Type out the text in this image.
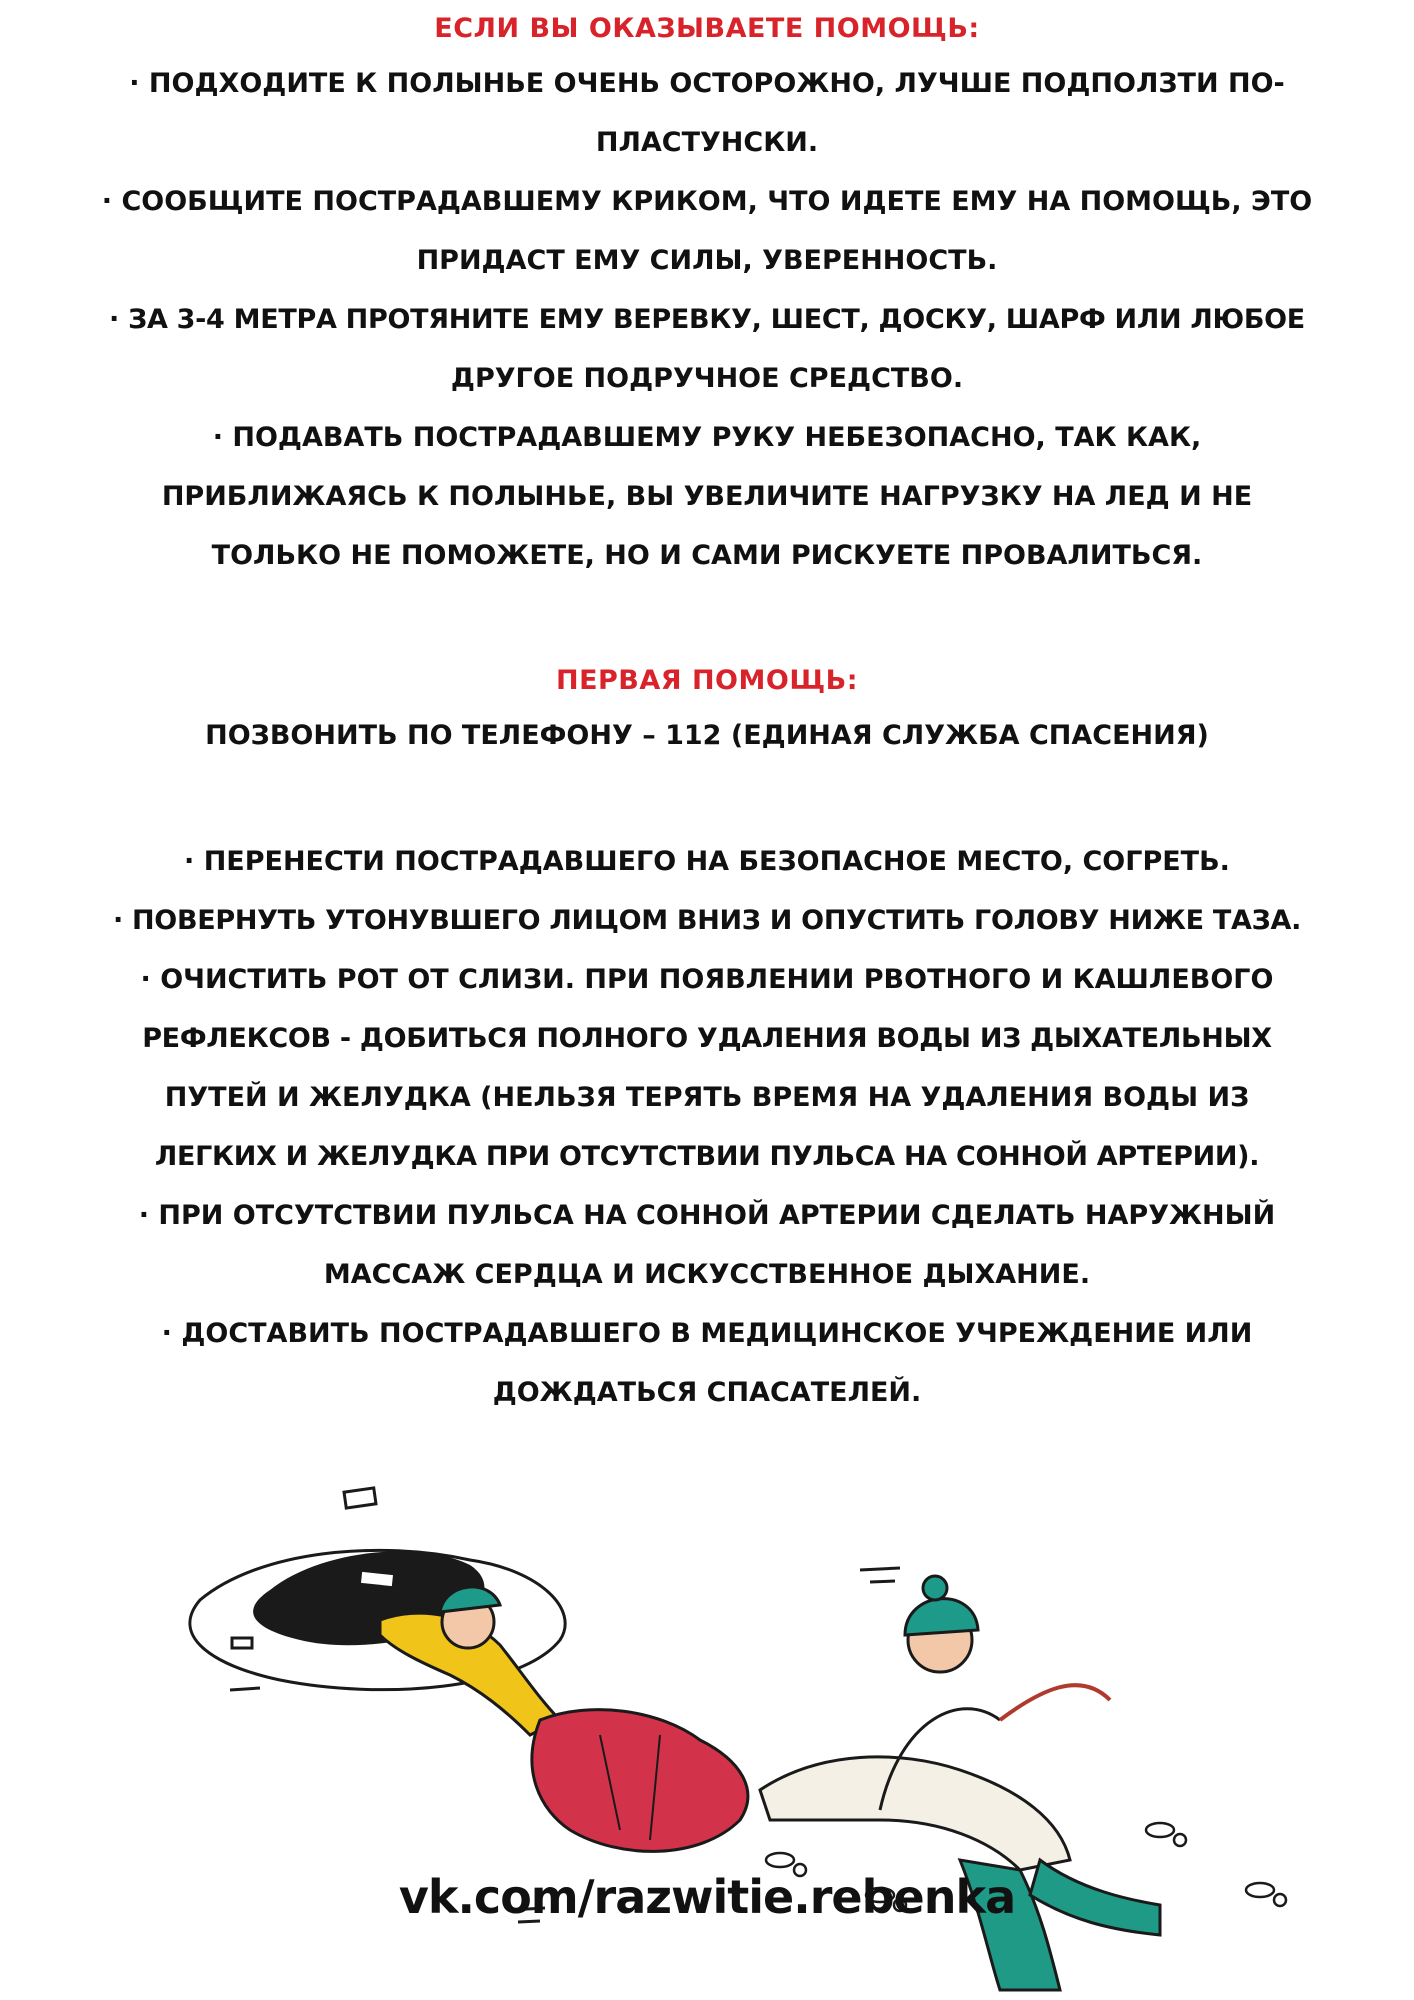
ЕСЛИ ВЫ ОКАЗЫВАЕТЕ ПОМОЩЬ:
· ПОДХОДИТЕ К ПОЛЫНЬЕ ОЧЕНЬ ОСТОРОЖНО, ЛУЧШЕ ПОДПОЛЗТИ ПО-
ПЛАСТУНСКИ.
· СООБЩИТЕ ПОСТРАДАВШЕМУ КРИКОМ, ЧТО ИДЕТЕ ЕМУ НА ПОМОЩЬ, ЭТО
ПРИДАСТ ЕМУ СИЛЫ, УВЕРЕННОСТЬ.
· ЗА 3-4 МЕТРА ПРОТЯНИТЕ ЕМУ ВЕРЕВКУ, ШЕСТ, ДОСКУ, ШАРФ ИЛИ ЛЮБОЕ
ДРУГОЕ ПОДРУЧНОЕ СРЕДСТВО.
· ПОДАВАТЬ ПОСТРАДАВШЕМУ РУКУ НЕБЕЗОПАСНО, ТАК КАК,
ПРИБЛИЖАЯСЬ К ПОЛЫНЬЕ, ВЫ УВЕЛИЧИТЕ НАГРУЗКУ НА ЛЕД И НЕ
ТОЛЬКО НЕ ПОМОЖЕТЕ, НО И САМИ РИСКУЕТЕ ПРОВАЛИТЬСЯ.
ПЕРВАЯ ПОМОЩЬ:
ПОЗВОНИТЬ ПО ТЕЛЕФОНУ – 112 (ЕДИНАЯ СЛУЖБА СПАСЕНИЯ)
· ПЕРЕНЕСТИ ПОСТРАДАВШЕГО НА БЕЗОПАСНОЕ МЕСТО, СОГРЕТЬ.
· ПОВЕРНУТЬ УТОНУВШЕГО ЛИЦОМ ВНИЗ И ОПУСТИТЬ ГОЛОВУ НИЖЕ ТАЗА.
· ОЧИСТИТЬ РОТ ОТ СЛИЗИ. ПРИ ПОЯВЛЕНИИ РВОТНОГО И КАШЛЕВОГО
РЕФЛЕКСОВ - ДОБИТЬСЯ ПОЛНОГО УДАЛЕНИЯ ВОДЫ ИЗ ДЫХАТЕЛЬНЫХ
ПУТЕЙ И ЖЕЛУДКА (НЕЛЬЗЯ ТЕРЯТЬ ВРЕМЯ НА УДАЛЕНИЯ ВОДЫ ИЗ
ЛЕГКИХ И ЖЕЛУДКА ПРИ ОТСУТСТВИИ ПУЛЬСА НА СОННОЙ АРТЕРИИ).
· ПРИ ОТСУТСТВИИ ПУЛЬСА НА СОННОЙ АРТЕРИИ СДЕЛАТЬ НАРУЖНЫЙ
МАССАЖ СЕРДЦА И ИСКУССТВЕННОЕ ДЫХАНИЕ.
· ДОСТАВИТЬ ПОСТРАДАВШЕГО В МЕДИЦИНСКОЕ УЧРЕЖДЕНИЕ ИЛИ
ДОЖДАТЬСЯ СПАСАТЕЛЕЙ.
vk.com/razwitie.rebenka
